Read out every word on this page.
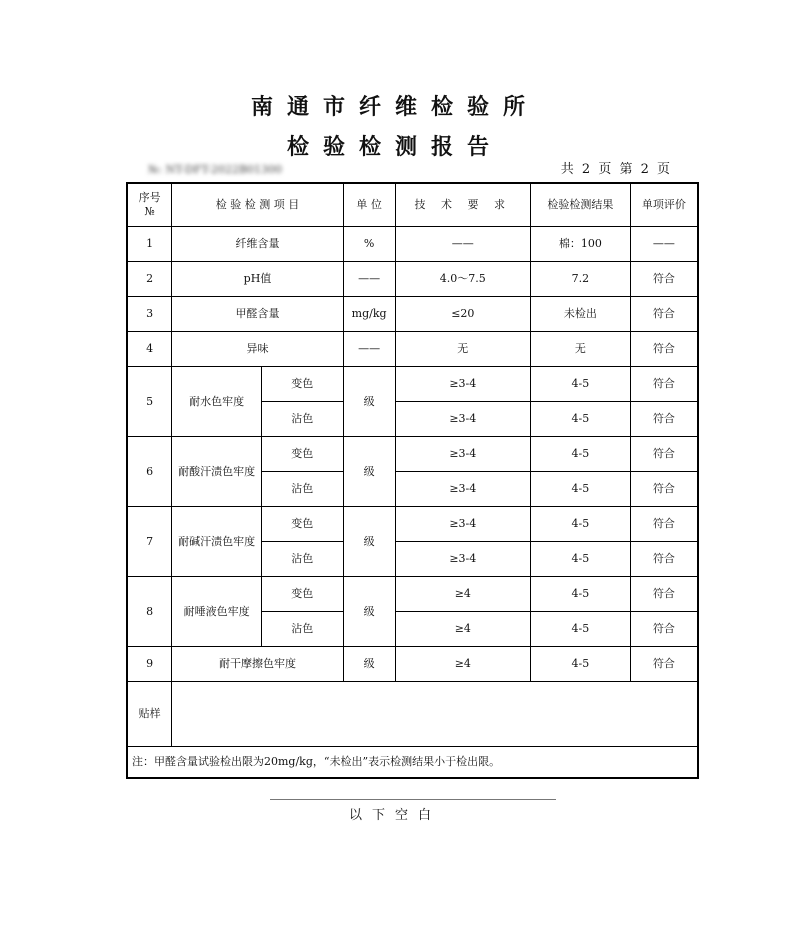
南通市纤维检验所
检验检测报告
№: NT-DFT-2022B01300	共 2 页 第 2 页
序号
№	检 验 检 测 项 目		单 位	技 术 要 求	检验检测结果	单项评价
1	纤维含量		%	——	棉：100	——
2	pH值		——	4.0～7.5	7.2	符合
3	甲醛含量		mg/kg	≤20	未检出	符合
4	异味		——	无	无	符合
5	耐水色牢度	变色	级	≥3-4	4-5	符合
		沾色		≥3-4	4-5	符合
6	耐酸汗渍色牢度	变色	级	≥3-4	4-5	符合
		沾色		≥3-4	4-5	符合
7	耐碱汗渍色牢度	变色	级	≥3-4	4-5	符合
		沾色		≥3-4	4-5	符合
8	耐唾液色牢度	变色	级	≥4	4-5	符合
		沾色		≥4	4-5	符合
9	耐干摩擦色牢度		级	≥4	4-5	符合
贴样						
注：甲醛含量试验检出限为20mg/kg，“未检出”表示检测结果小于检出限。						
以下空白
